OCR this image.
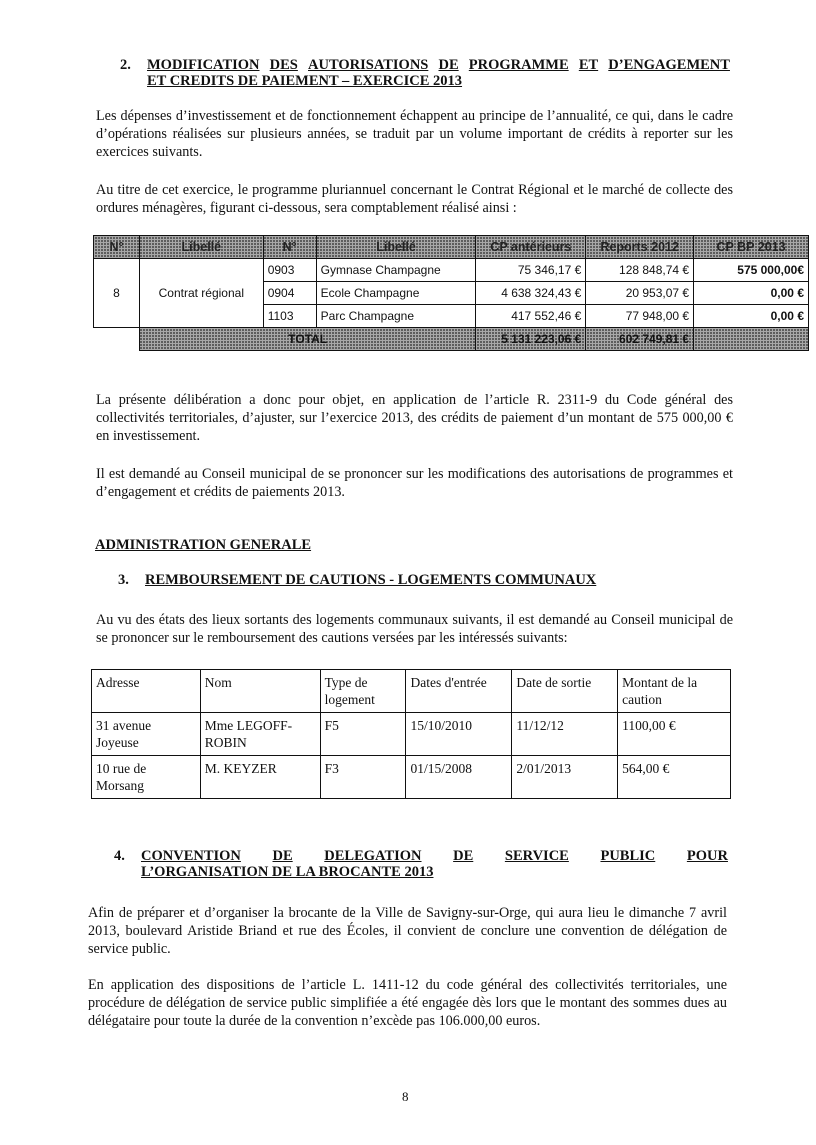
2. MODIFICATION DES AUTORISATIONS DE PROGRAMME ET D’ENGAGEMENT
ET CREDITS DE PAIEMENT – EXERCICE 2013
Les dépenses d’investissement et de fonctionnement échappent au principe de l’annualité, ce qui, dans le cadre d’opérations réalisées sur plusieurs années, se traduit par un volume important de crédits à reporter sur les exercices suivants.
Au titre de cet exercice, le programme pluriannuel concernant le Contrat Régional et le marché de collecte des ordures ménagères, figurant ci-dessous, sera comptablement réalisé ainsi :
N°	Libellé	N°	Libellé	CP antérieurs	Reports 2012	CP BP 2013
8	Contrat régional	0903	Gymnase Champagne	75 346,17 €	128 848,74 €	575 000,00€
		0904	Ecole Champagne	4 638 324,43 €	20 953,07 €	0,00 €
		1103	Parc Champagne	417 552,46 €	77 948,00 €	0,00 €
	TOTAL			5 131 223,06 €	602 749,81 €	
La présente délibération a donc pour objet, en application de l’article R. 2311-9 du Code général des collectivités territoriales, d’ajuster, sur l’exercice 2013, des crédits de paiement d’un montant de 575 000,00 € en investissement.
Il est demandé au Conseil municipal de se prononcer sur les modifications des autorisations de programmes et d’engagement et crédits de paiements 2013.
ADMINISTRATION GENERALE
3. REMBOURSEMENT DE CAUTIONS - LOGEMENTS COMMUNAUX
Au vu des états des lieux sortants des logements communaux suivants, il est demandé au Conseil municipal de se prononcer sur le remboursement des cautions versées par les intéressés suivants:
Adresse	Nom	Type de logement	Dates d'entrée	Date de sortie	Montant de la caution
31 avenue Joyeuse	Mme LEGOFF-ROBIN	F5	15/10/2010	11/12/12	1100,00 €
10 rue de Morsang	M. KEYZER	F3	01/15/2008	2/01/2013	564,00 €
4. CONVENTION DE DELEGATION DE SERVICE PUBLIC POUR
L’ORGANISATION DE LA BROCANTE 2013
Afin de préparer et d’organiser la brocante de la Ville de Savigny-sur-Orge, qui aura lieu le dimanche 7 avril 2013, boulevard Aristide Briand et rue des Écoles, il convient de conclure une convention de délégation de service public.
En application des dispositions de l’article L. 1411-12 du code général des collectivités territoriales, une procédure de délégation de service public simplifiée a été engagée dès lors que le montant des sommes dues au délégataire pour toute la durée de la convention n’excède pas 106.000,00 euros.
8
